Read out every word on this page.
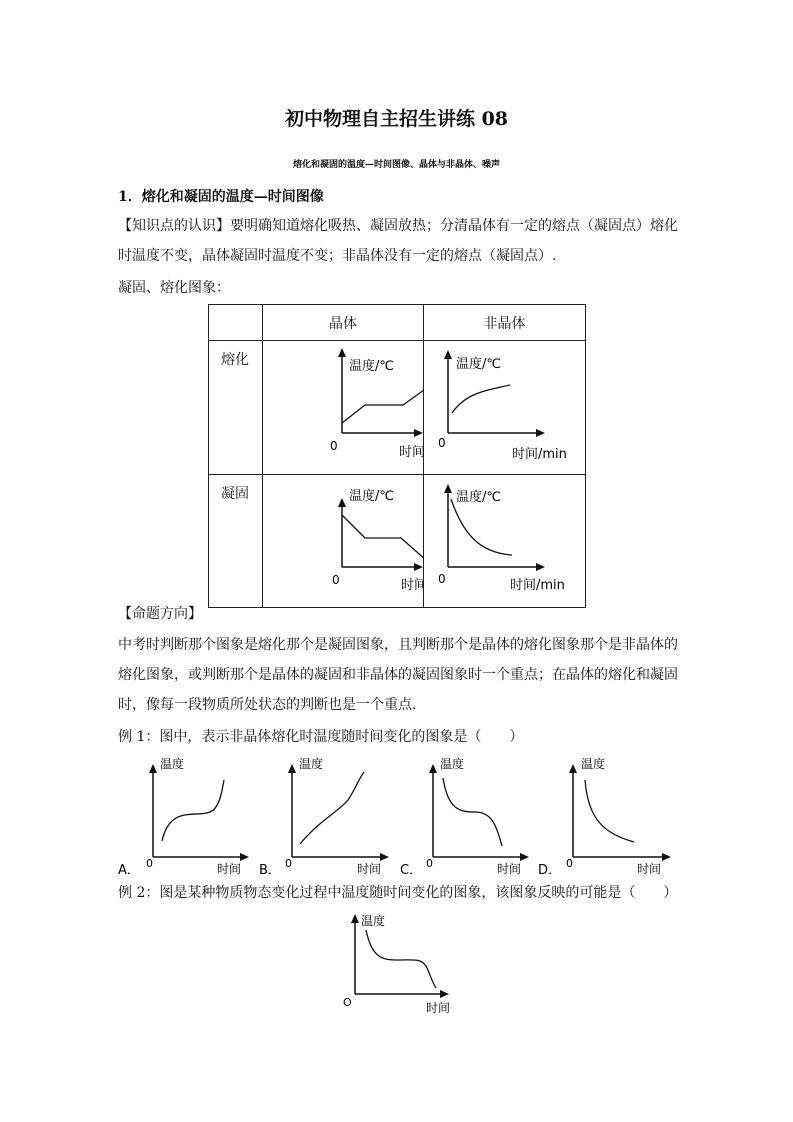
初中物理自主招生讲练 08
熔化和凝固的温度—时间图像、晶体与非晶体、噪声
1．熔化和凝固的温度—时间图像
【知识点的认识】要明确知道熔化吸热、凝固放热；分清晶体有一定的熔点（凝固点）熔化
时温度不变，晶体凝固时温度不变；非晶体没有一定的熔点（凝固点）.
凝固、熔化图象：
	晶体	非晶体
熔化	温度/℃
0 时间	温度/℃
0
时间/min

凝固	温度/℃
0 时间	温度/℃
0 时间/min
【命题方向】
中考时判断那个图象是熔化那个是凝固图象，且判断那个是晶体的熔化图象那个是非晶体的
熔化图象，或判断那个是晶体的凝固和非晶体的凝固图象时一个重点；在晶体的熔化和凝固
时，像每一段物质所处状态的判断也是一个重点．
例 1：图中，表示非晶体熔化时温度随时间变化的图象是（　　）
温度
0	时间
A．
温度
0	时间
B．
温度
0	时间
C．
温度
0	时间
D．
例 2：图是某种物质物态变化过程中温度随时间变化的图象，该图象反映的可能是（　　）
温度
O	时间
